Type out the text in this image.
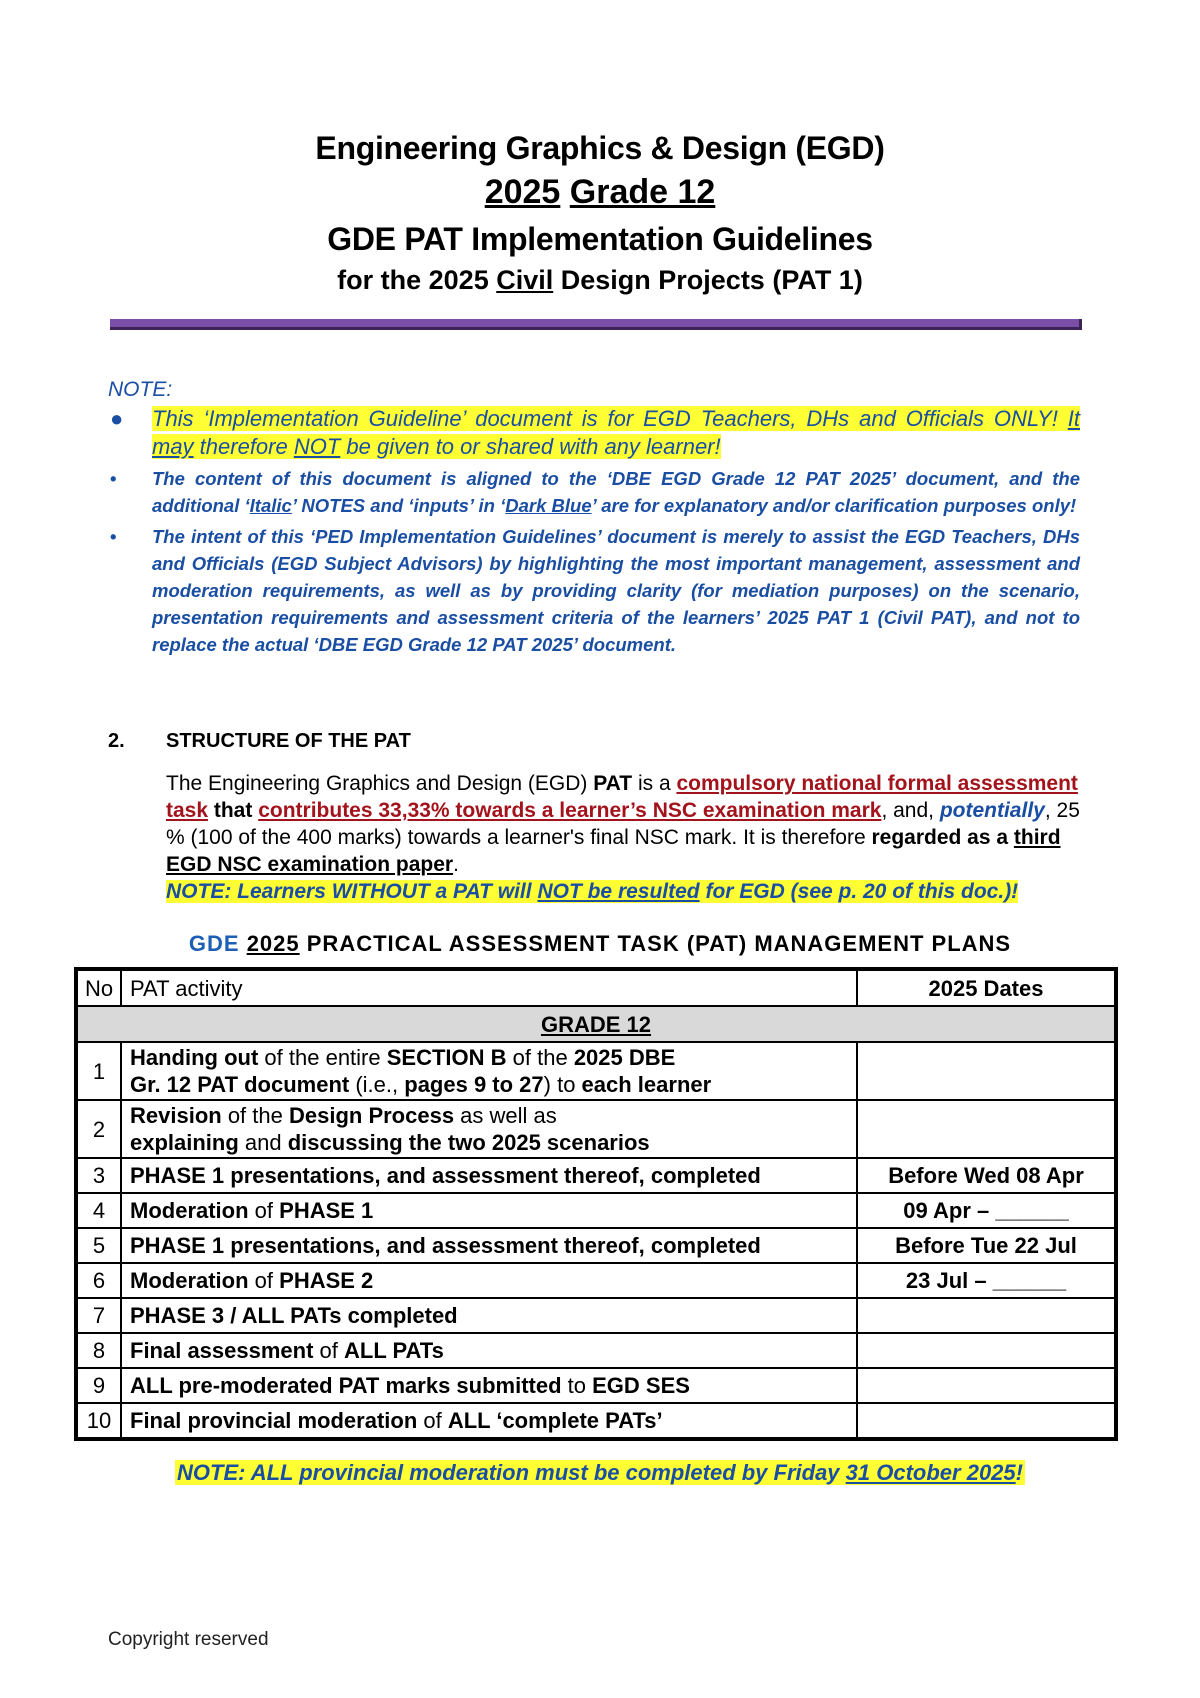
Engineering Graphics & Design (EGD)
2025 Grade 12
GDE PAT Implementation Guidelines
for the 2025 Civil Design Projects (PAT 1)
NOTE:
● This ‘Implementation Guideline’ document is for EGD Teachers, DHs and Officials ONLY! It may therefore NOT be given to or shared with any learner!
• The content of this document is aligned to the ‘DBE EGD Grade 12 PAT 2025’ document, and the additional ‘Italic’ NOTES and ‘inputs’ in ‘Dark Blue’ are for explanatory and/or clarification purposes only!
• The intent of this ‘PED Implementation Guidelines’ document is merely to assist the EGD Teachers, DHs and Officials (EGD Subject Advisors) by highlighting the most important management, assessment and moderation requirements, as well as by providing clarity (for mediation purposes) on the scenario, presentation requirements and assessment criteria of the learners’ 2025 PAT 1 (Civil PAT), and not to replace the actual ‘DBE EGD Grade 12 PAT 2025’ document.
2. STRUCTURE OF THE PAT
The Engineering Graphics and Design (EGD) PAT is a compulsory national formal assessment task that contributes 33,33% towards a learner’s NSC examination mark, and, potentially, 25 % (100 of the 400 marks) towards a learner's final NSC mark. It is therefore regarded as a third EGD NSC examination paper.
NOTE: Learners WITHOUT a PAT will NOT be resulted for EGD (see p. 20 of this doc.)!
GDE 2025 PRACTICAL ASSESSMENT TASK (PAT) MANAGEMENT PLANS
No	PAT activity	2025 Dates
GRADE 12		
1	Handing out of the entire SECTION B of the 2025 DBE
Gr. 12 PAT document (i.e., pages 9 to 27) to each learner	
2	Revision of the Design Process as well as
explaining and discussing the two 2025 scenarios	
3	PHASE 1 presentations, and assessment thereof, completed	Before Wed 08 Apr
4	Moderation of PHASE 1	09 Apr – ______
5	PHASE 1 presentations, and assessment thereof, completed	Before Tue 22 Jul
6	Moderation of PHASE 2	23 Jul – ______
7	PHASE 3 / ALL PATs completed	
8	Final assessment of ALL PATs	
9	ALL pre-moderated PAT marks submitted to EGD SES	
10	Final provincial moderation of ALL ‘complete PATs’	
NOTE: ALL provincial moderation must be completed by Friday 31 October 2025!
Copyright reserved
